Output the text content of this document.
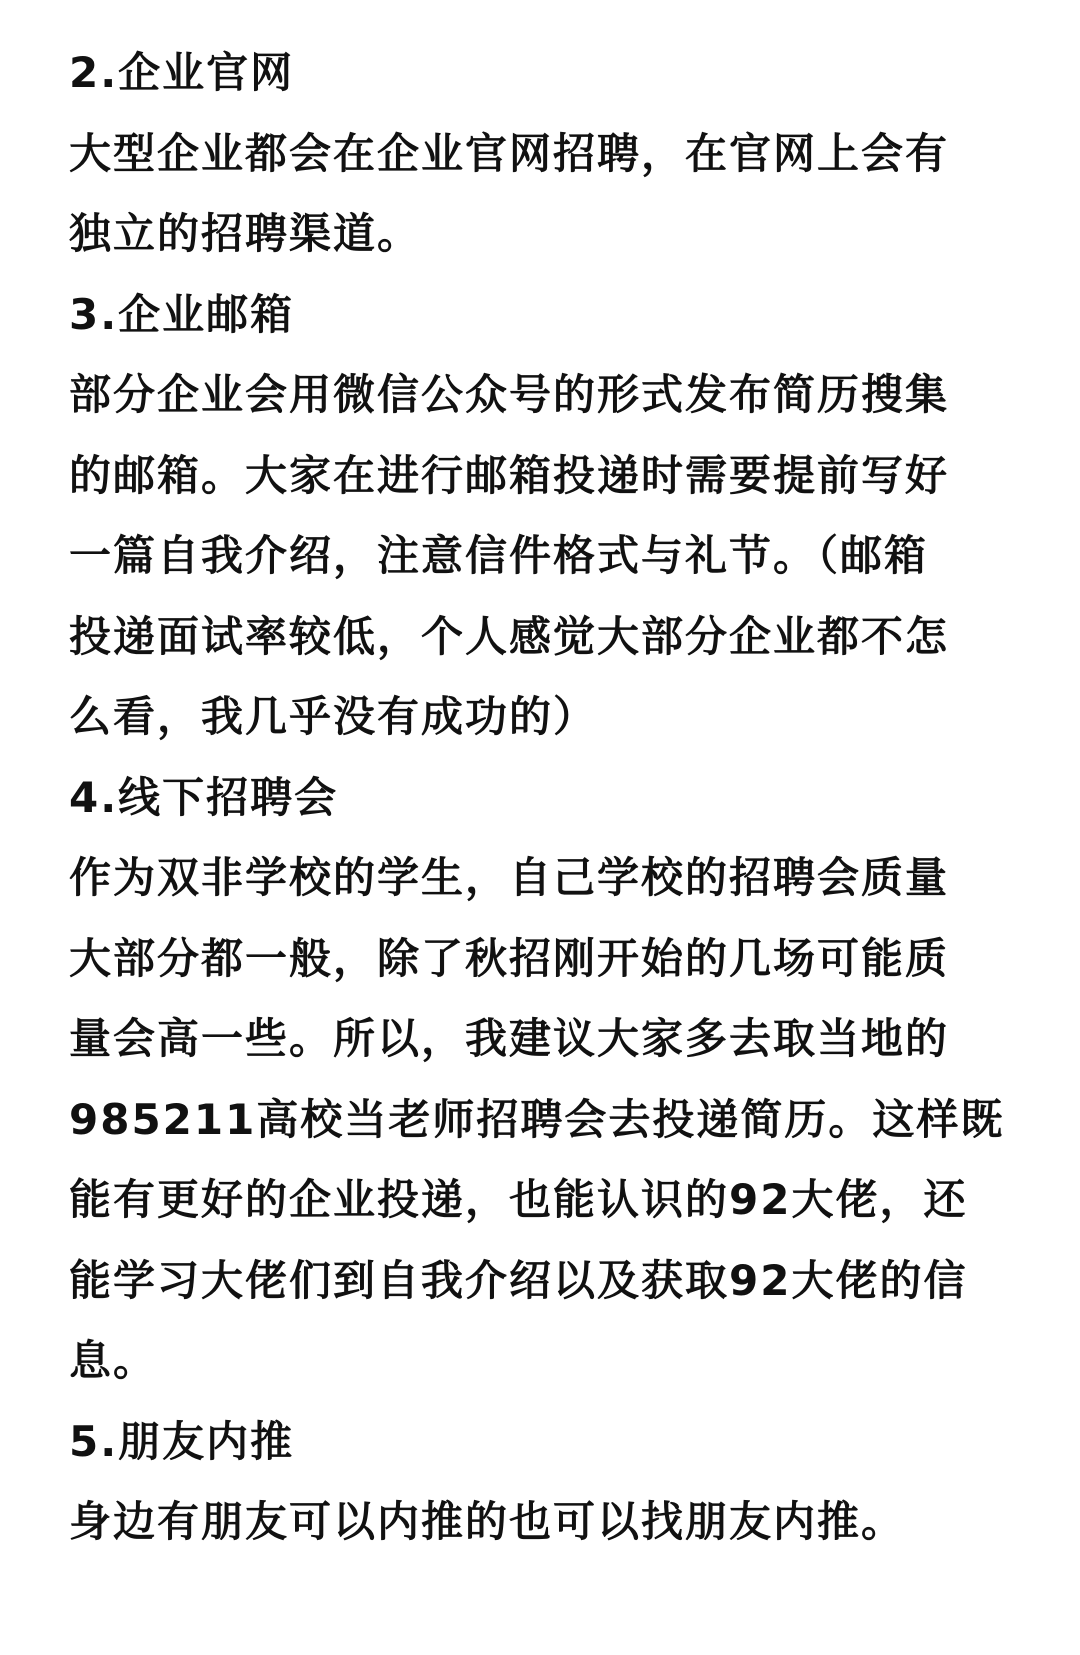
2.企业官网
大型企业都会在企业官网招聘，在官网上会有
独立的招聘渠道。
3.企业邮箱
部分企业会用微信公众号的形式发布简历搜集
的邮箱。大家在进行邮箱投递时需要提前写好
一篇自我介绍，注意信件格式与礼节。（邮箱
投递面试率较低，个人感觉大部分企业都不怎
么看，我几乎没有成功的）
4.线下招聘会
作为双非学校的学生，自己学校的招聘会质量
大部分都一般，除了秋招刚开始的几场可能质
量会高一些。所以，我建议大家多去取当地的
985211高校当老师招聘会去投递简历。这样既
能有更好的企业投递，也能认识的92大佬，还
能学习大佬们到自我介绍以及获取92大佬的信
息。
5.朋友内推
身边有朋友可以内推的也可以找朋友内推。
